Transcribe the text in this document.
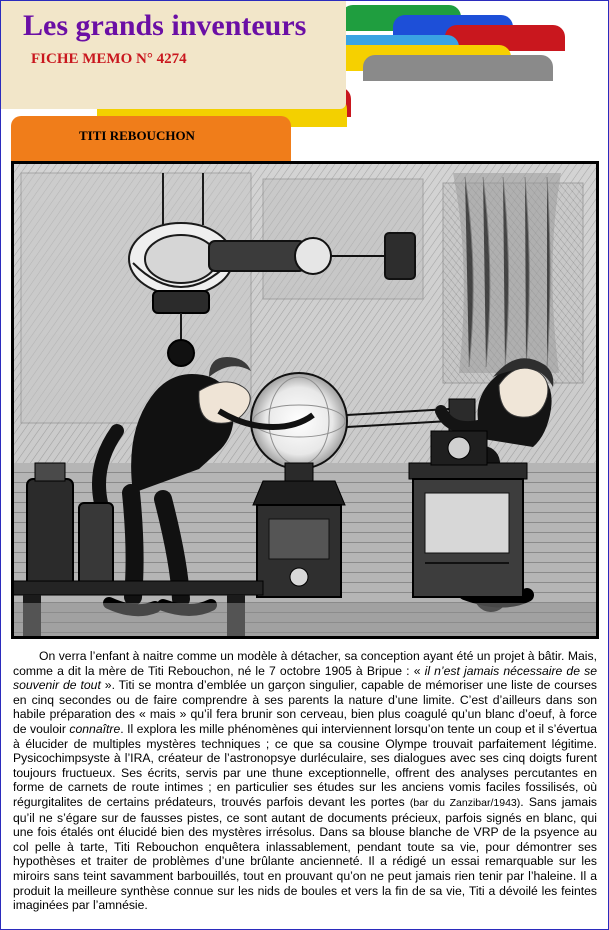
Les grands inventeurs
FICHE MEMO N° 4274
TITI REBOUCHON

On verra l’enfant à naitre comme un modèle à détacher, sa conception ayant été un projet à bâtir. Mais, comme a dit la mère de Titi Rebouchon, né le 7 octobre 1905 à Bripue : « il n’est jamais nécessaire de se souvenir de tout ». Titi se montra d’emblée un garçon singulier, capable de mémoriser une liste de courses en cinq secondes ou de faire comprendre à ses parents la nature d’une limite. C’est d’ailleurs dans son habile préparation des « mais » qu’il fera brunir son cerveau, bien plus coagulé qu’un blanc d’oeuf, à force de vouloir connaître. Il explora les mille phénomènes qui interviennent lorsqu’on tente un coup et il s’évertua à élucider de multiples mystères techniques ; ce que sa cousine Olympe trouvait parfaitement légitime. Pysicochimpsyste à l’IRA, créateur de l’astronopsye durléculaire, ses dialogues avec ses cinq doigts furent toujours fructueux. Ses écrits, servis par une thune exceptionnelle, offrent des analyses percutantes en forme de carnets de route intimes ; en particulier ses études sur les anciens vomis faciles fossilisés, où régurgitalites de certains prédateurs, trouvés parfois devant les portes (bar du Zanzibar/1943). Sans jamais qu’il ne s’égare sur de fausses pistes, ce sont autant de documents précieux, parfois signés en blanc, qui une fois étalés ont élucidé bien des mystères irrésolus. Dans sa blouse blanche de VRP de la psyence au col pelle à tarte, Titi Rebouchon enquêtera inlassablement, pendant toute sa vie, pour démontrer ses hypothèses et traiter de problèmes d’une brûlante ancienneté. Il a rédigé un essai remarquable sur les miroirs sans teint savamment barbouillés, tout en prouvant qu’on ne peut jamais rien tenir par l’haleine. Il a produit la meilleure synthèse connue sur les nids de boules et vers la fin de sa vie, Titi a dévoilé les feintes imaginées par l’amnésie.
